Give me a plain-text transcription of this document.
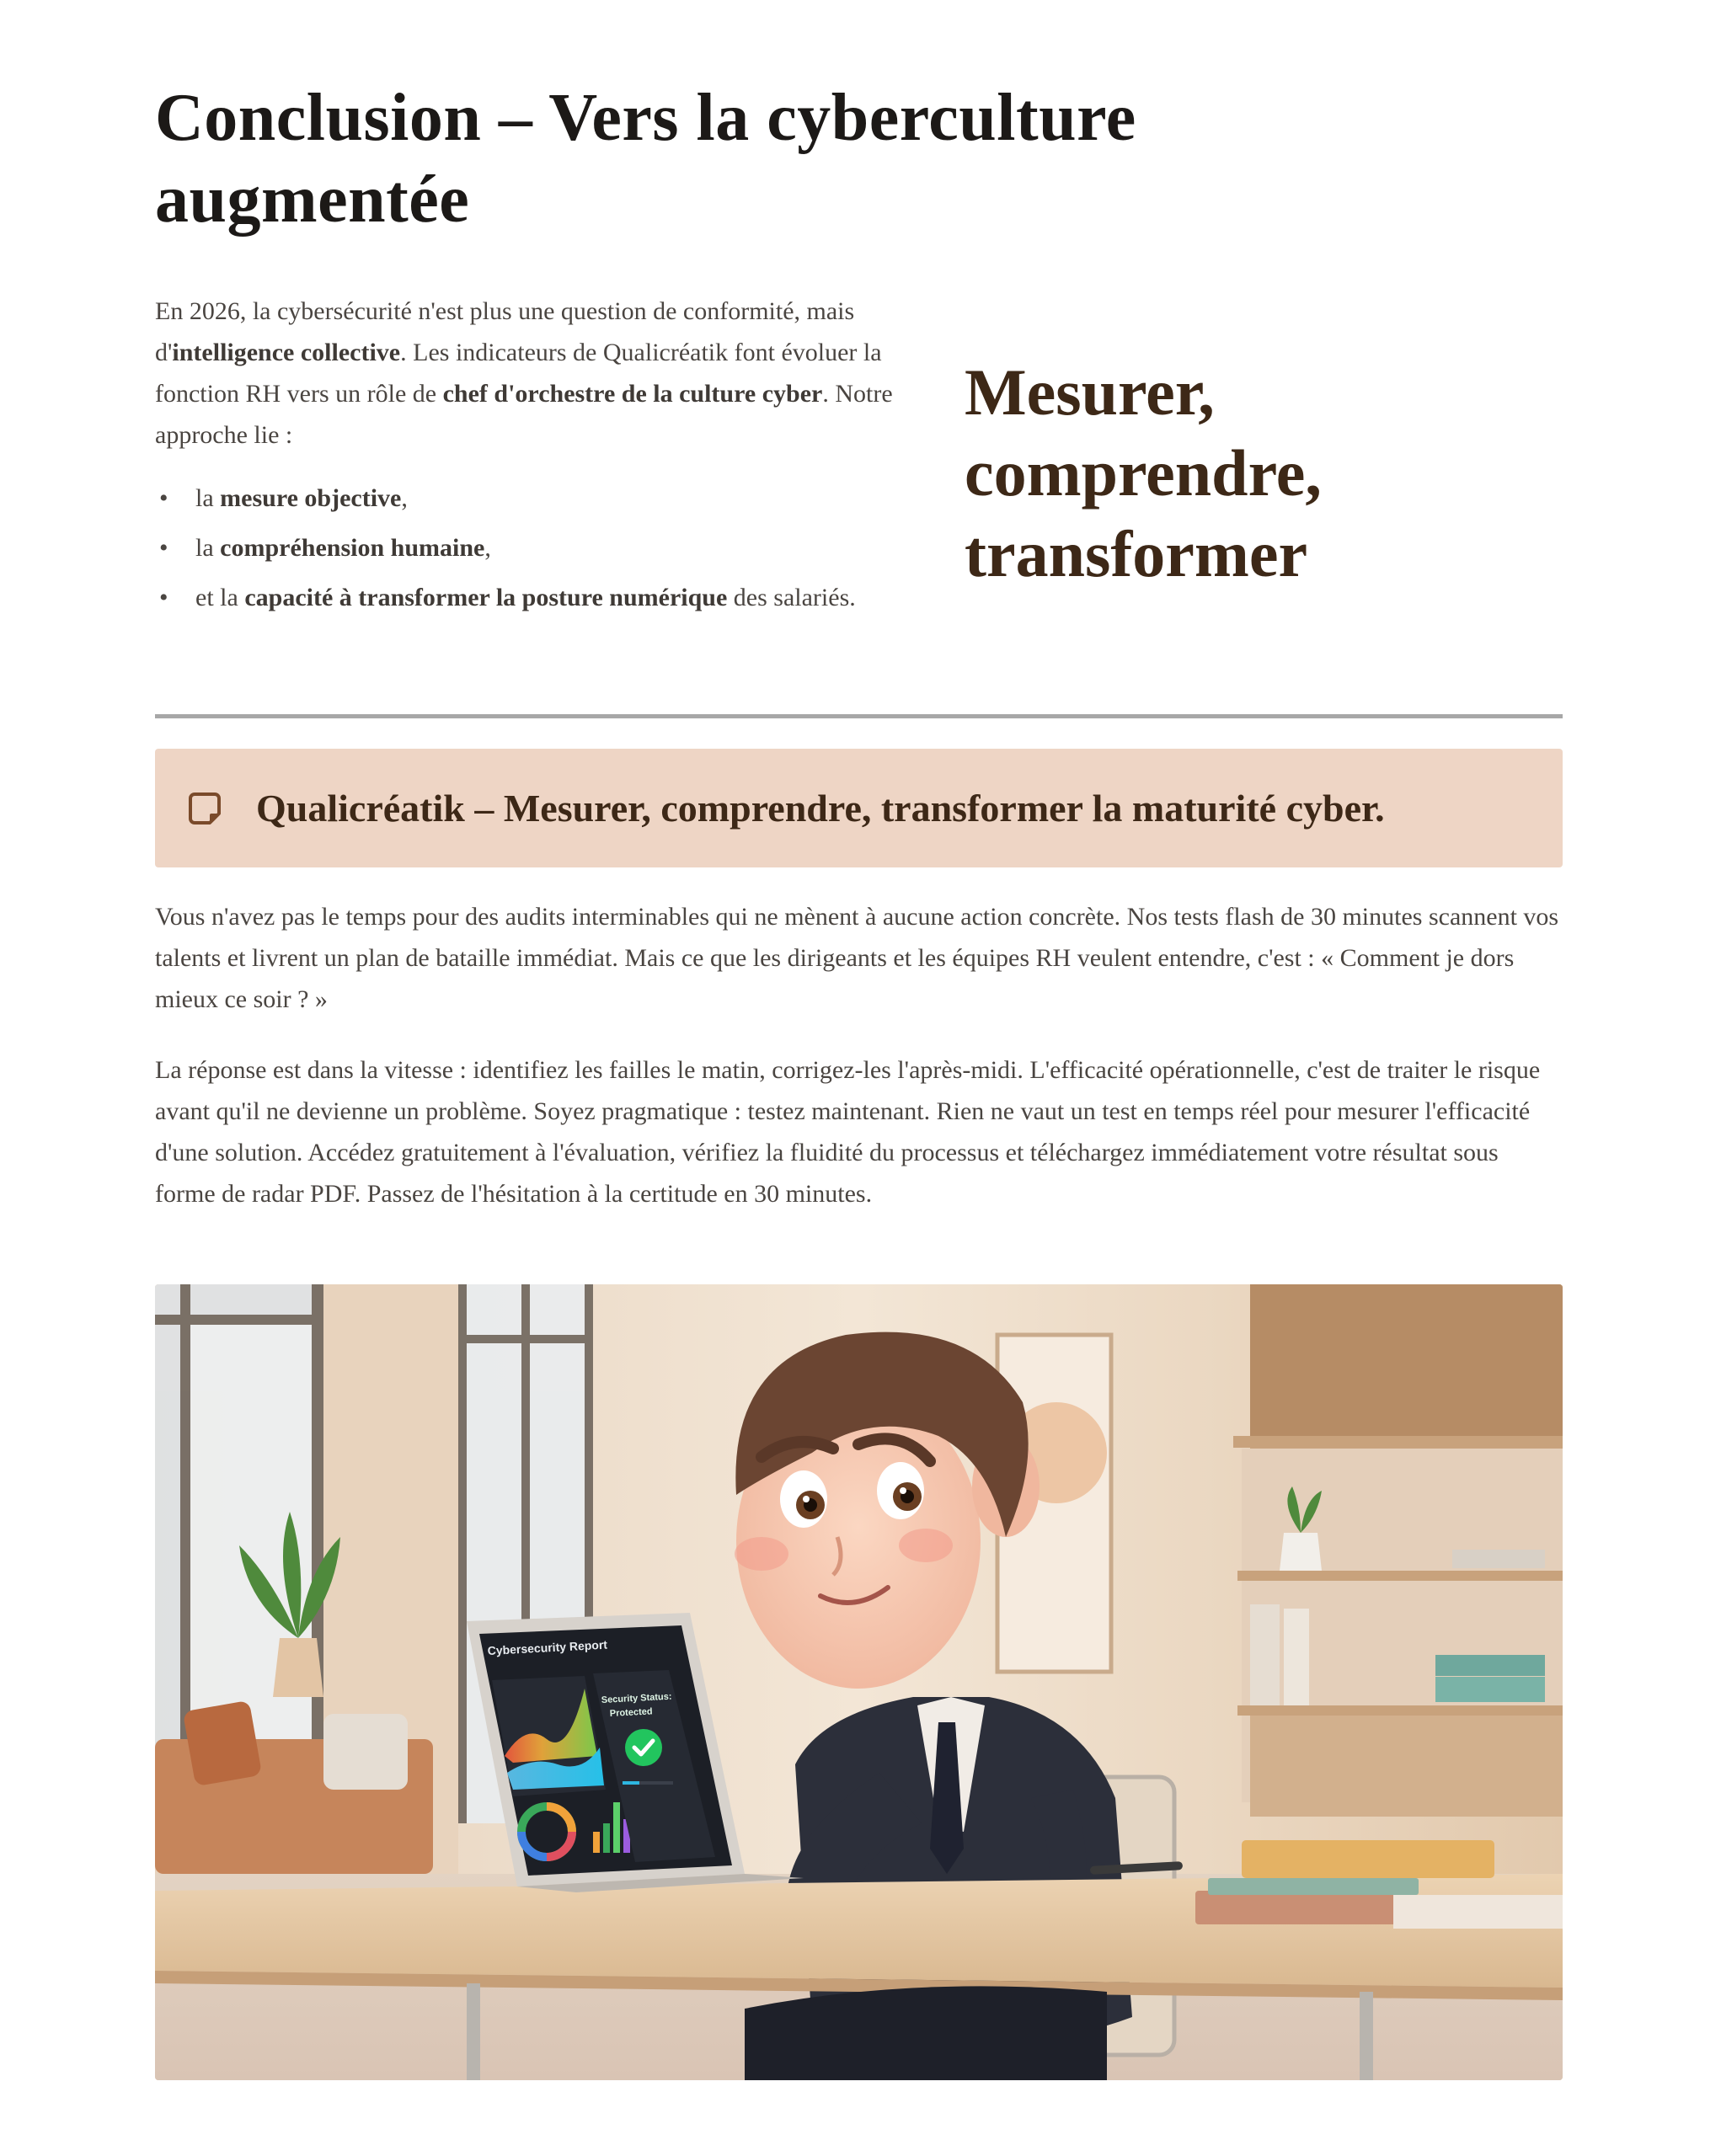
Conclusion – Vers la cyberculture augmentée

En 2026, la cybersécurité n'est plus une question de conformité, mais d'intelligence collective. Les indicateurs de Qualicréatik font évoluer la fonction RH vers un rôle de chef d'orchestre de la culture cyber. Notre approche lie :

• la mesure objective,
• la compréhension humaine,
• et la capacité à transformer la posture numérique des salariés.
Mesurer, comprendre, transformer
Qualicréatik – Mesurer, comprendre, transformer la maturité cyber.

Vous n'avez pas le temps pour des audits interminables qui ne mènent à aucune action concrète. Nos tests flash de 30 minutes scannent vos talents et livrent un plan de bataille immédiat. Mais ce que les dirigeants et les équipes RH veulent entendre, c'est : « Comment je dors mieux ce soir ? »

La réponse est dans la vitesse : identifiez les failles le matin, corrigez-les l'après-midi. L'efficacité opérationnelle, c'est de traiter le risque avant qu'il ne devienne un problème. Soyez pragmatique : testez maintenant. Rien ne vaut un test en temps réel pour mesurer l'efficacité d'une solution. Accédez gratuitement à l'évaluation, vérifiez la fluidité du processus et téléchargez immédiatement votre résultat sous forme de radar PDF. Passez de l'hésitation à la certitude en 30 minutes.

Cybersecurity Report
Security Status:
Protected
